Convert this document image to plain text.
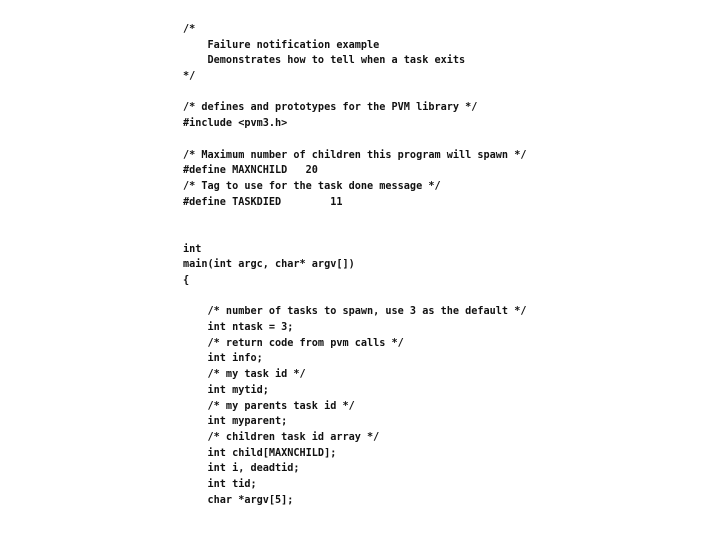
/*
Failure notification example
Demonstrates how to tell when a task exits
*/
/* defines and prototypes for the PVM library */
#include <pvm3.h>
/* Maximum number of children this program will spawn */
#define MAXNCHILD   20
/* Tag to use for the task done message */
#define TASKDIED        11
int
main(int argc, char* argv[])
{
/* number of tasks to spawn, use 3 as the default */
int ntask = 3;
/* return code from pvm calls */
int info;
/* my task id */
int mytid;
/* my parents task id */
int myparent;
/* children task id array */
int child[MAXNCHILD];
int i, deadtid;
int tid;
char *argv[5];
